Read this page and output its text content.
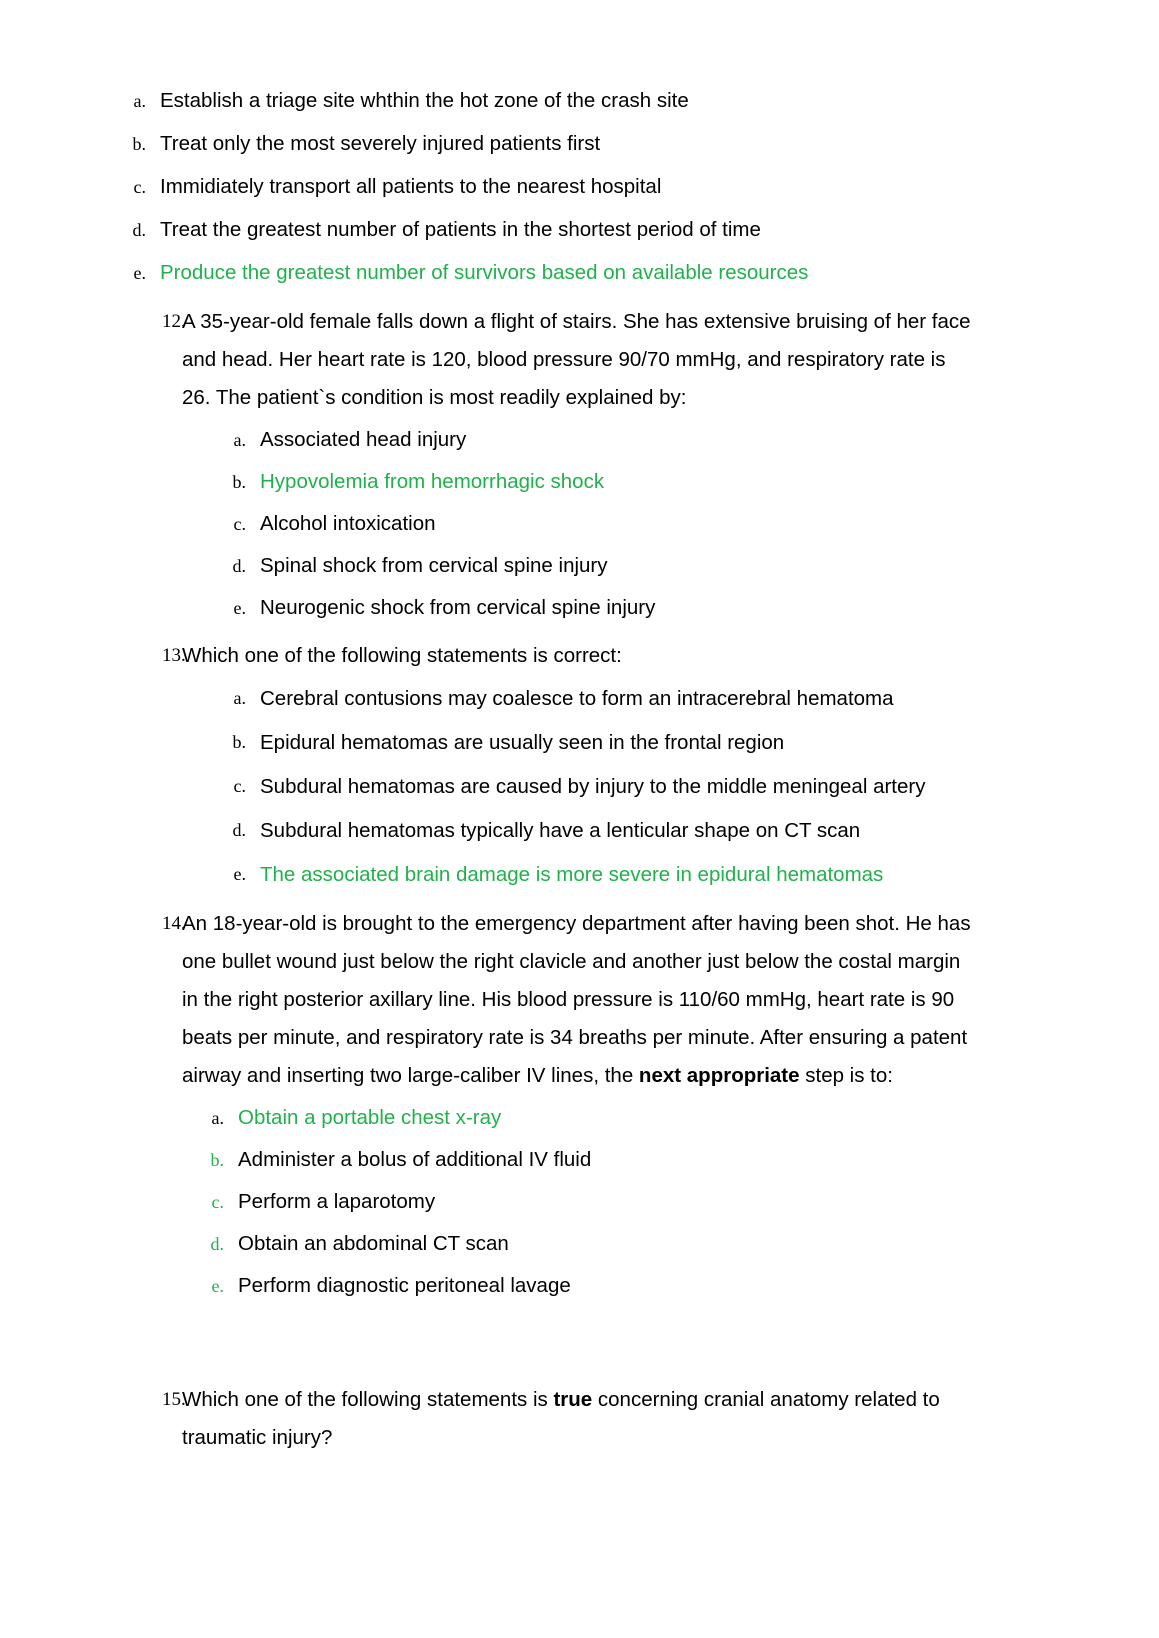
a. Establish a triage site whthin the hot zone of the crash site
b. Treat only the most severely injured patients first
c. Immidiately transport all patients to the nearest hospital
d. Treat the greatest number of patients in the shortest period of time
e. Produce the greatest number of survivors based on available resources
12.
A 35-year-old female falls down a flight of stairs. She has extensive bruising of her face and head. Her heart rate is 120, blood pressure 90/70 mmHg, and respiratory rate is 26. The patient`s condition is most readily explained by:
a. Associated head injury
b. Hypovolemia from hemorrhagic shock
c. Alcohol intoxication
d. Spinal shock from cervical spine injury
e. Neurogenic shock from cervical spine injury
13.
Which one of the following statements is correct:
a. Cerebral contusions may coalesce to form an intracerebral hematoma
b. Epidural hematomas are usually seen in the frontal region
c. Subdural hematomas are caused by injury to the middle meningeal artery
d. Subdural hematomas typically have a lenticular shape on CT scan
e. The associated brain damage is more severe in epidural hematomas
14.
An 18-year-old is brought to the emergency department after having been shot. He has one bullet wound just below the right clavicle and another just below the costal margin in the right posterior axillary line. His blood pressure is 110/60 mmHg, heart rate is 90 beats per minute, and respiratory rate is 34 breaths per minute. After ensuring a patent airway and inserting two large-caliber IV lines, the next appropriate step is to:
a. Obtain a portable chest x-ray
b. Administer a bolus of additional IV fluid
c. Perform a laparotomy
d. Obtain an abdominal CT scan
e. Perform diagnostic peritoneal lavage
15.
Which one of the following statements is true concerning cranial anatomy related to traumatic injury?
